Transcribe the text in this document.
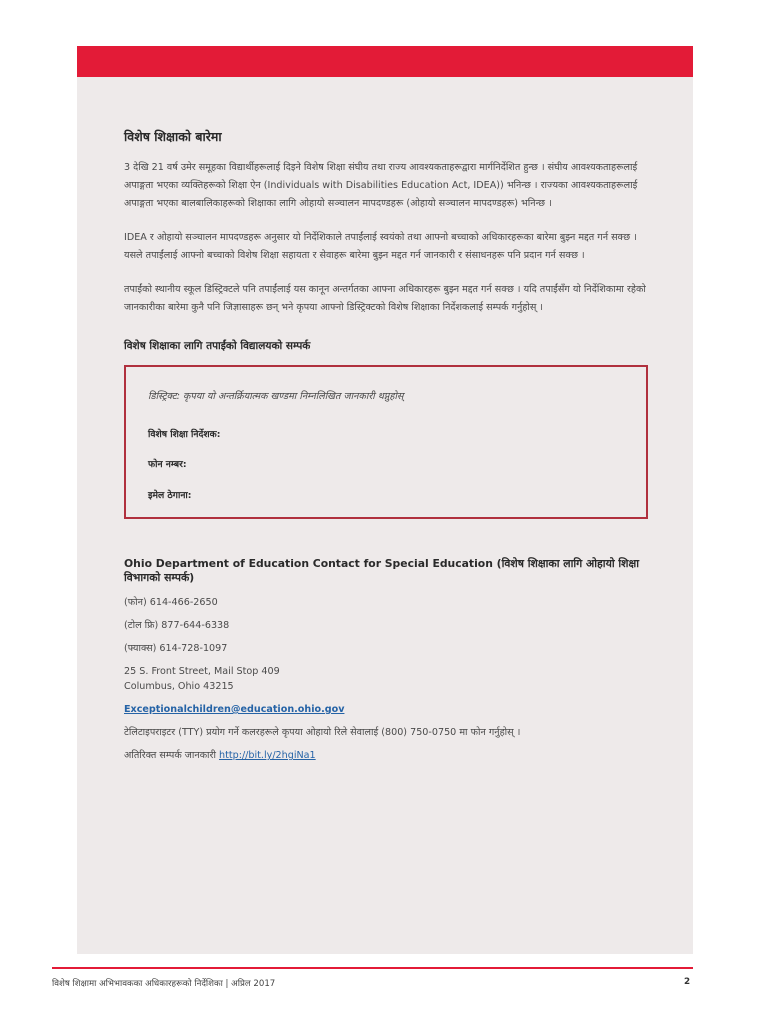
विशेष शिक्षाको बारेमा

3 देखि 21 वर्ष उमेर समूहका विद्यार्थीहरूलाई दिइने विशेष शिक्षा संघीय तथा राज्य आवश्यकताहरूद्वारा मार्गनिर्देशित हुन्छ । संघीय आवश्यकताहरूलाई अपाङ्गता भएका व्यक्तिहरूको शिक्षा ऐन (Individuals with Disabilities Education Act, IDEA)) भनिन्छ । राज्यका आवश्यकताहरूलाई अपाङ्गता भएका बालबालिकाहरूको शिक्षाका लागि ओहायो सञ्चालन मापदण्डहरू (ओहायो सञ्चालन मापदण्डहरू) भनिन्छ ।

IDEA र ओहायो सञ्चालन मापदण्डहरू अनुसार यो निर्देशिकाले तपाईंलाई स्वयंको तथा आफ्नो बच्चाको अधिकारहरूका बारेमा बुझ्न मद्दत गर्न सक्छ । यसले तपाईंलाई आफ्नो बच्चाको विशेष शिक्षा सहायता र सेवाहरू बारेमा बुझ्न मद्दत गर्न जानकारी र संसाधनहरू पनि प्रदान गर्न सक्छ ।

तपाईंको स्थानीय स्कूल डिस्ट्रिक्टले पनि तपाईंलाई यस कानून अन्तर्गतका आफ्ना अधिकारहरू बुझ्न मद्दत गर्न सक्छ । यदि तपाईंसँग यो निर्देशिकामा रहेको जानकारीका बारेमा कुनै पनि जिज्ञासाहरू छन् भने कृपया आफ्नो डिस्ट्रिक्टको विशेष शिक्षाका निर्देशकलाई सम्पर्क गर्नुहोस् ।

विशेष शिक्षाका लागि तपाईंको विद्यालयको सम्पर्क
डिस्ट्रिक्ट: कृपया यो अन्तर्क्रियात्मक खण्डमा निम्नलिखित जानकारी थप्नुहोस्
विशेष शिक्षा निर्देशक:
फोन नम्बर:
इमेल ठेगाना:
Ohio Department of Education Contact for Special Education (विशेष शिक्षाका लागि ओहायो शिक्षा विभागको सम्पर्क)
(फोन) 614-466-2650
(टोल फ्रि) 877-644-6338
(फ्याक्स) 614-728-1097
25 S. Front Street, Mail Stop 409
Columbus, Ohio 43215
Exceptionalchildren@education.ohio.gov
टेलिटाइपराइटर (TTY) प्रयोग गर्ने कलरहरूले कृपया ओहायो रिले सेवालाई (800) 750-0750 मा फोन गर्नुहोस् ।
अतिरिक्त सम्पर्क जानकारी http://bit.ly/2hgiNa1
विशेष शिक्षामा अभिभावकका अधिकारहरूको निर्देशिका | अप्रिल 2017	2
